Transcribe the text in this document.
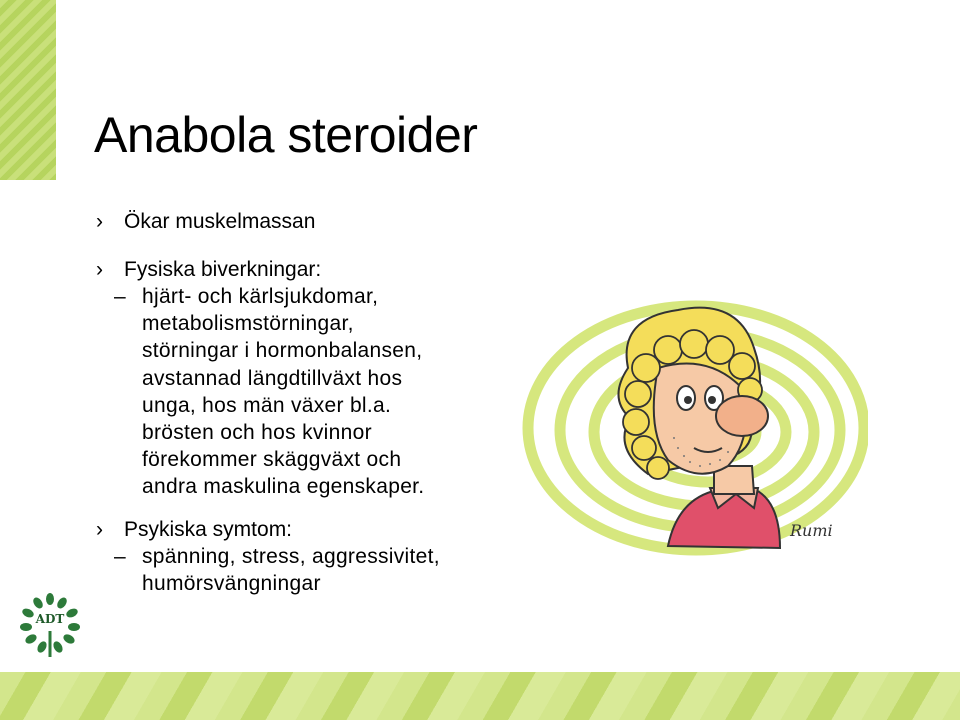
Anabola steroider
› Ökar muskelmassan
› Fysiska biverkningar:
– hjärt- och kärlsjukdomar,
metabolismstörningar,
störningar i hormonbalansen,
avstannad längdtillväxt hos
unga, hos män växer bl.a.
brösten och hos kvinnor
förekommer skäggväxt och
andra maskulina egenskaper.
› Psykiska symtom:
– spänning, stress, aggressivitet,
humörsvängningar
ADT
Rumi
